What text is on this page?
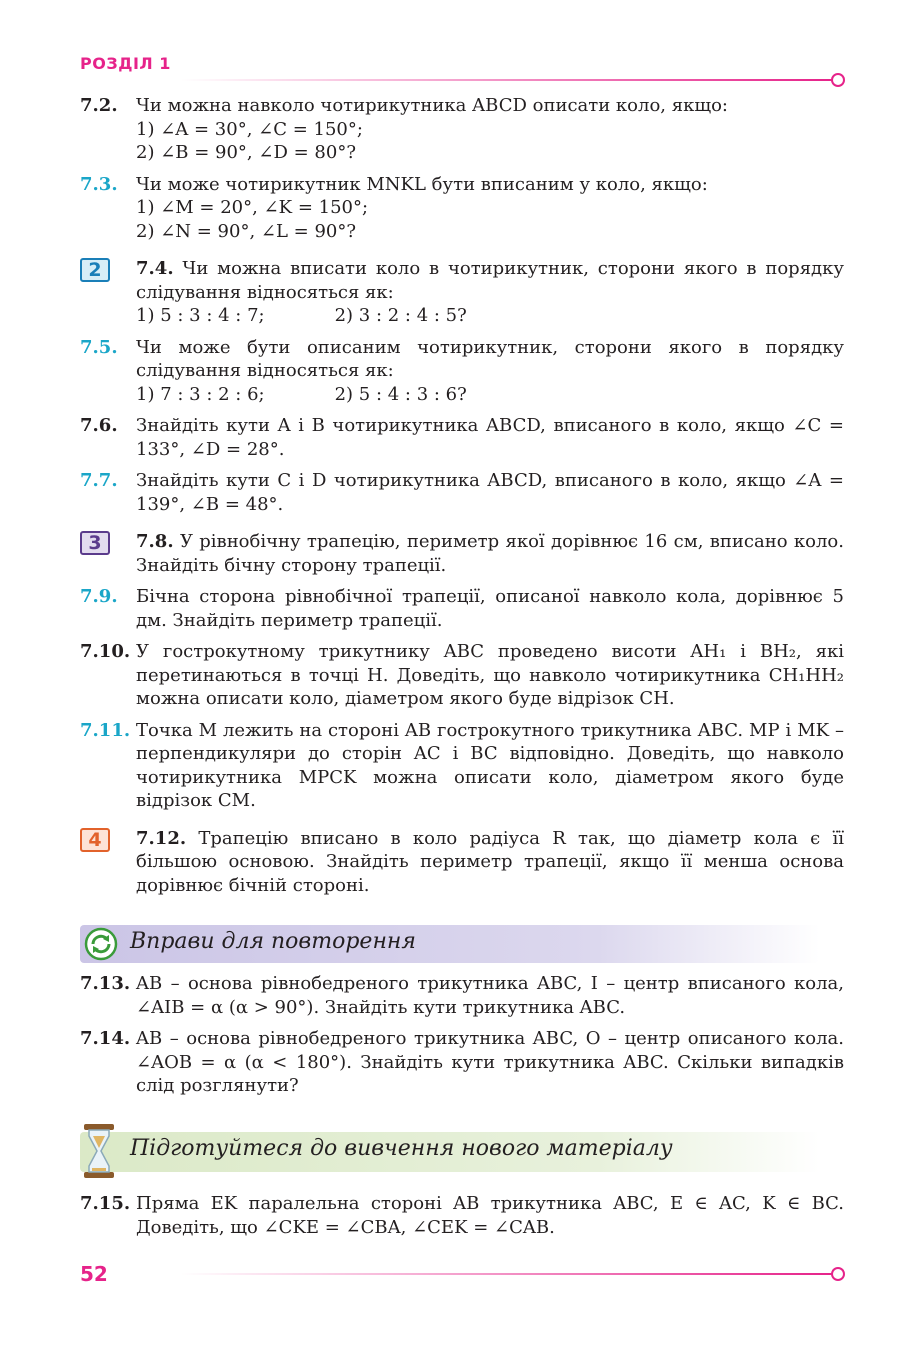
РОЗДІЛ 1
7.2. Чи можна навколо чотирикутника ABCD описати коло, якщо:
1) ∠A = 30°, ∠C = 150°;
2) ∠B = 90°, ∠D = 80°?
7.3. Чи може чотирикутник MNKL бути вписаним у коло, якщо:
1) ∠M = 20°, ∠K = 150°;
2) ∠N = 90°, ∠L = 90°?
2	7.4. Чи можна вписати коло в чотирикутник, сторони якого в порядку слідування відносяться як:
1) 5 : 3 : 4 : 7;	2) 3 : 2 : 4 : 5?
7.5. Чи може бути описаним чотирикутник, сторони якого в порядку слідування відносяться як:
1) 7 : 3 : 2 : 6;	2) 5 : 4 : 3 : 6?
7.6. Знайдіть кути A і B чотирикутника ABCD, вписаного в коло, якщо ∠C = 133°, ∠D = 28°.
7.7. Знайдіть кути C і D чотирикутника ABCD, вписаного в коло, якщо ∠A = 139°, ∠B = 48°.
3	7.8. У рівнобічну трапецію, периметр якої дорівнює 16 см, вписано коло. Знайдіть бічну сторону трапеції.
7.9. Бічна сторона рівнобічної трапеції, описаної навколо кола, дорівнює 5 дм. Знайдіть периметр трапеції.
7.10. У гострокутному трикутнику ABC проведено висоти AH₁ і BH₂, які перетинаються в точці H. Доведіть, що навколо чотирикутника CH₁HH₂ можна описати коло, діаметром якого буде відрізок CH.
7.11. Точка M лежить на стороні AB гострокутного трикутника ABC. MP і MK – перпендикуляри до сторін AC і BC відповідно. Доведіть, що навколо чотирикутника MPCK можна описати коло, діаметром якого буде відрізок CM.
4	7.12. Трапецію вписано в коло радіуса R так, що діаметр кола є її більшою основою. Знайдіть периметр трапеції, якщо її менша основа дорівнює бічній стороні.
Вправи для повторення
7.13. AB – основа рівнобедреного трикутника ABC, I – центр вписаного кола, ∠AIB = α (α > 90°). Знайдіть кути трикутника ABC.
7.14. AB – основа рівнобедреного трикутника ABC, O – центр описаного кола. ∠AOB = α (α < 180°). Знайдіть кути трикутника ABC. Скільки випадків слід розглянути?
Підготуйтеся до вивчення нового матеріалу
7.15. Пряма EK паралельна стороні AB трикутника ABC, E ∈ AC, K ∈ BC. Доведіть, що ∠CKE = ∠CBA, ∠CEK = ∠CAB.
52
